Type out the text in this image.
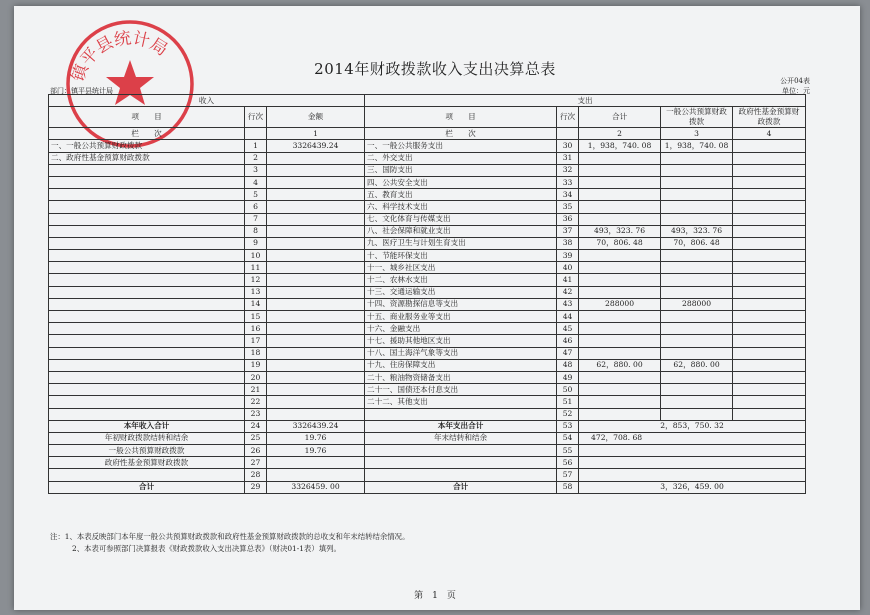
镇平县统计局
2014年财政拨款收入支出决算总表
公开04表
部门：镇平县统计局	单位：元
收入			支出				
项　　目	行次	金额	项　　目	行次	合计	一般公共预算财政拨款	政府性基金预算财政拨款
栏　　次		1	栏　　次		2	3	4
一、一般公共预算财政拨款	1	3326439.24	一、一般公共服务支出	30	1，938，740. 08	1，938，740. 08	
二、政府性基金预算财政拨款	2		二、外交支出	31			
	3		三、国防支出	32			
	4		四、公共安全支出	33			
	5		五、教育支出	34			
	6		六、科学技术支出	35			
	7		七、文化体育与传媒支出	36			
	8		八、社会保障和就业支出	37	493，323. 76	493，323. 76	
	9		九、医疗卫生与计划生育支出	38	70，806. 48	70，806. 48	
	10		十、节能环保支出	39			
	11		十一、城乡社区支出	40			
	12		十二、农林水支出	41			
	13		十三、交通运输支出	42			
	14		十四、资源勘探信息等支出	43	288000	288000	
	15		十五、商业服务业等支出	44			
	16		十六、金融支出	45			
	17		十七、援助其他地区支出	46			
	18		十八、国土海洋气象等支出	47			
	19		十九、住房保障支出	48	62，880. 00	62，880. 00	
	20		二十、粮油物资储备支出	49			
	21		二十一、国债还本付息支出	50			
	22		二十二、其他支出	51			
	23			52			
本年收入合计	24	3326439.24	本年支出合计	53	2，853，750. 32		
年初财政拨款结转和结余	25	19.76	年末结转和结余	54	472，708. 68		
一般公共预算财政拨款	26	19.76		55			
政府性基金预算财政拨款	27			56			
	28			57			
合计	29	3326459. 00	合计	58	3，326，459. 00		
注：1、本表反映部门本年度一般公共预算财政拨款和政府性基金预算财政拨款的总收支和年末结转结余情况。
2、本表可参照部门决算报表《财政拨款收入支出决算总表》（财决01-1表）填列。
第　1　页
